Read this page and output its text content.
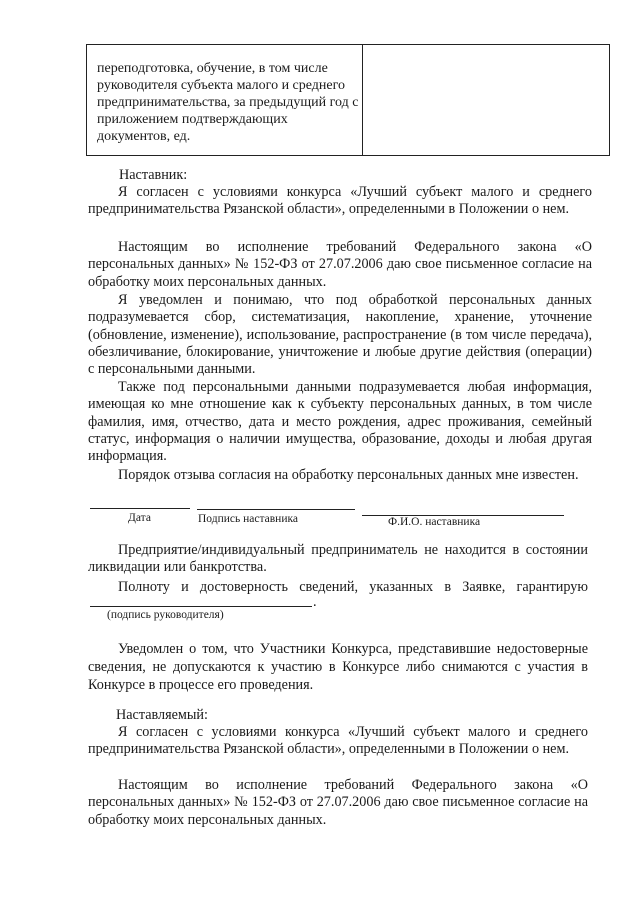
переподготовка, обучение, в том числе руководителя субъекта малого и среднего предпринимательства, за предыдущий год с приложением подтверждающих документов, ед.
Наставник:
Я согласен с условиями конкурса «Лучший субъект малого и среднего предпринимательства Рязанской области», определенными в Положении о нем.
Настоящим во исполнение требований Федерального закона «О персональных данных» № 152-ФЗ от 27.07.2006 даю свое письменное согласие на обработку моих персональных данных.
Я уведомлен и понимаю, что под обработкой персональных данных подразумевается сбор, систематизация, накопление, хранение, уточнение (обновление, изменение), использование, распространение (в том числе передача), обезличивание, блокирование, уничтожение и любые другие действия (операции) с персональными данными.
Также под персональными данными подразумевается любая информация, имеющая ко мне отношение как к субъекту персональных данных, в том числе фамилия, имя, отчество, дата и место рождения, адрес проживания, семейный статус, информация о наличии имущества, образование, доходы и любая другая информация.
Порядок отзыва согласия на обработку персональных данных мне известен.
Дата	Подпись наставника	Ф.И.О. наставника
Предприятие/индивидуальный предприниматель не находится в состоянии ликвидации или банкротства.
Полноту и достоверность сведений, указанных в Заявке, гарантирую
.
(подпись руководителя)
Уведомлен о том, что Участники Конкурса, представившие недостоверные сведения, не допускаются к участию в Конкурсе либо снимаются с участия в Конкурсе в процессе его проведения.
Наставляемый:
Я согласен с условиями конкурса «Лучший субъект малого и среднего предпринимательства Рязанской области», определенными в Положении о нем.
Настоящим во исполнение требований Федерального закона «О персональных данных» № 152-ФЗ от 27.07.2006 даю свое письменное согласие на обработку моих персональных данных.
